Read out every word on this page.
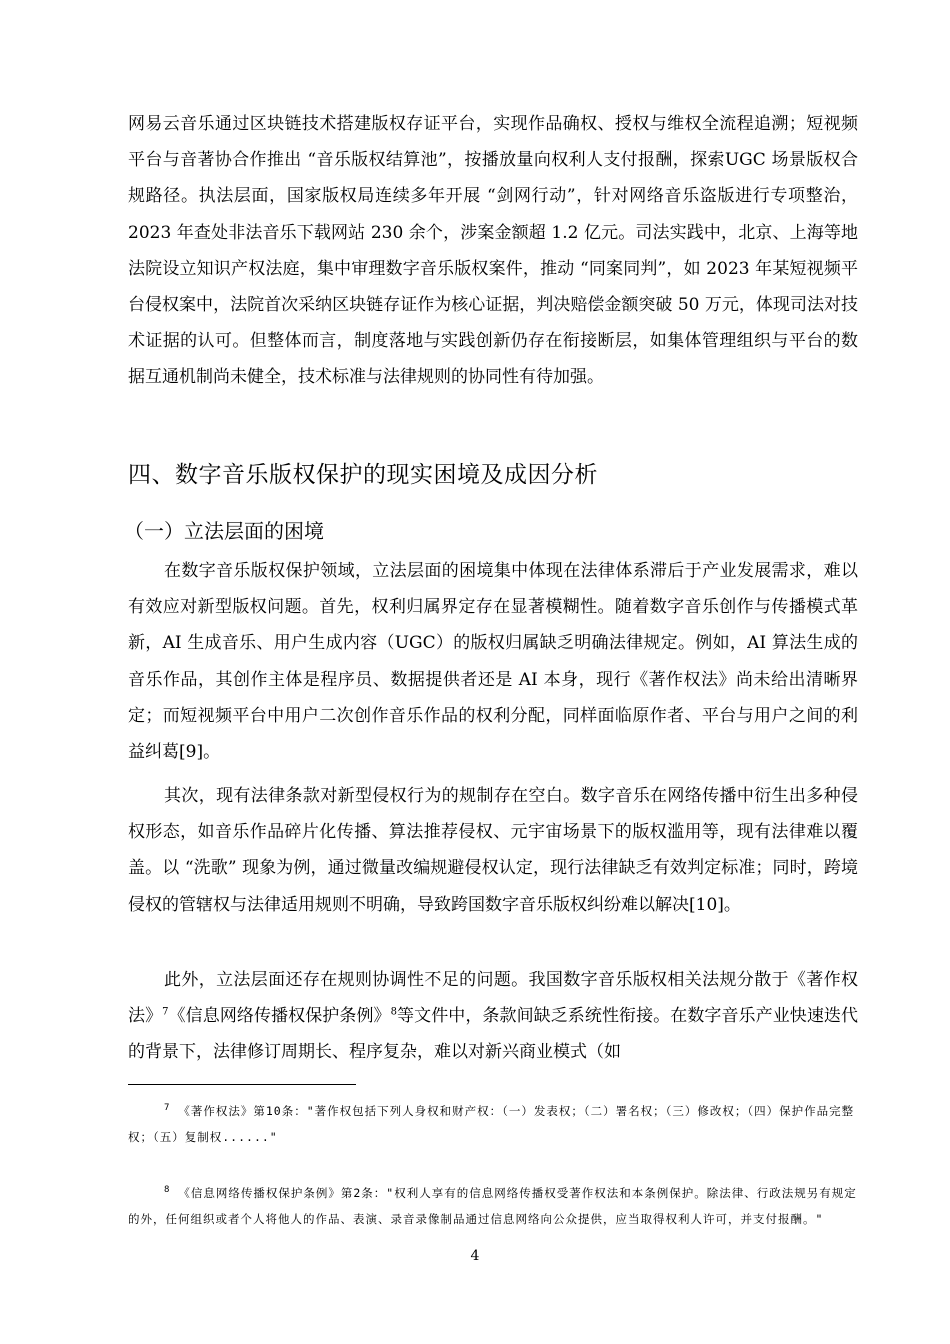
网易云音乐通过区块链技术搭建版权存证平台，实现作品确权、授权与维权全流程追溯；短视频平台与音著协合作推出 “音乐版权结算池”，按播放量向权利人支付报酬，探索UGC 场景版权合规路径。执法层面，国家版权局连续多年开展 “剑网行动”，针对网络音乐盗版进行专项整治，2023 年查处非法音乐下载网站 230 余个，涉案金额超 1.2 亿元。司法实践中，北京、上海等地法院设立知识产权法庭，集中审理数字音乐版权案件，推动 “同案同判”，如 2023 年某短视频平台侵权案中，法院首次采纳区块链存证作为核心证据，判决赔偿金额突破 50 万元，体现司法对技术证据的认可。但整体而言，制度落地与实践创新仍存在衔接断层，如集体管理组织与平台的数据互通机制尚未健全，技术标准与法律规则的协同性有待加强。

四、数字音乐版权保护的现实困境及成因分析
（一）立法层面的困境

在数字音乐版权保护领域，立法层面的困境集中体现在法律体系滞后于产业发展需求，难以有效应对新型版权问题。首先，权利归属界定存在显著模糊性。随着数字音乐创作与传播模式革新，AI 生成音乐、用户生成内容（UGC）的版权归属缺乏明确法律规定。例如，AI 算法生成的音乐作品，其创作主体是程序员、数据提供者还是 AI 本身，现行《著作权法》尚未给出清晰界定；而短视频平台中用户二次创作音乐作品的权利分配，同样面临原作者、平台与用户之间的利益纠葛[9]。

其次，现有法律条款对新型侵权行为的规制存在空白。数字音乐在网络传播中衍生出多种侵权形态，如音乐作品碎片化传播、算法推荐侵权、元宇宙场景下的版权滥用等，现有法律难以覆盖。以 “洗歌” 现象为例，通过微量改编规避侵权认定，现行法律缺乏有效判定标准；同时，跨境侵权的管辖权与法律适用规则不明确，导致跨国数字音乐版权纠纷难以解决[10]。

此外，立法层面还存在规则协调性不足的问题。我国数字音乐版权相关法规分散于《著作权法》$^7$《信息网络传播权保护条例》$^8$等文件中，条款间缺乏系统性衔接。在数字音乐产业快速迭代的背景下，法律修订周期长、程序复杂，难以对新兴商业模式（如

$^7$ 《著作权法》第10条："著作权包括下列人身权和财产权：（一）发表权；（二）署名权；（三）修改权；（四）保护作品完整权；（五）复制权......"

$^8$ 《信息网络传播权保护条例》第2条："权利人享有的信息网络传播权受著作权法和本条例保护。除法律、行政法规另有规定的外，任何组织或者个人将他人的作品、表演、录音录像制品通过信息网络向公众提供，应当取得权利人许可，并支付报酬。"

4
